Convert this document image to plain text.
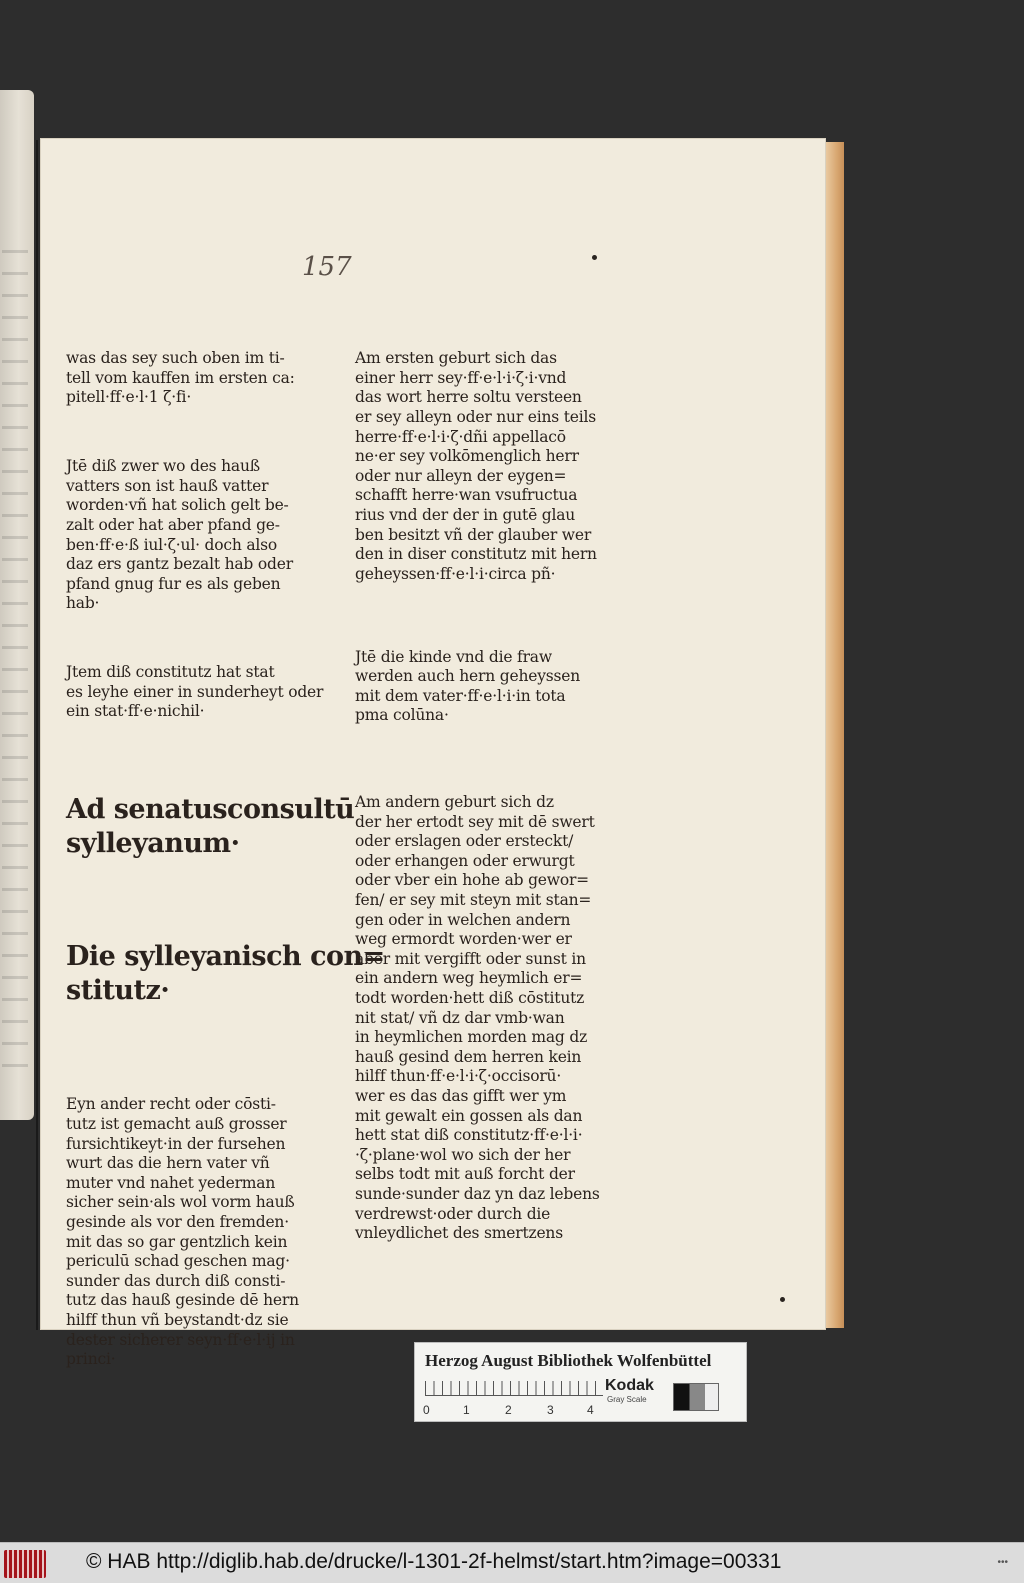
157

was das sey such oben im ti-
tell vom kauffen im ersten ca:
pitell·ff·e·l·1 ζ·fi·

Jtē diß zwer wo des hauß
vatters son ist hauß vatter
worden·vñ hat solich gelt be-
zalt oder hat aber pfand ge-
ben·ff·e·ß iul·ζ·ul· doch also
daz ers gantz bezalt hab oder
pfand gnug fur es als geben
hab·

Jtem diß constitutz hat stat
es leyhe einer in sunderheyt oder
ein stat·ff·e·nichil·

Ad senatusconsultū
sylleyanum·

Die sylleyanisch
stitutz·

Eyn ander recht oder cōsti-
tutz ist gemacht auß grosser
fursichtikeyt·in der fursehen
wurt das die hern vater vñ
muter vnd nahet yederman
sicher sein·als wol vorm hauß
gesinde als vor den fremden·
mit das so gar gentzlich kein
periculū schad geschen mag·
sunder das durch diß consti-
tutz das hauß gesinde dē hern
hilff thun vñ beystandt·dz sie
dester sicherer seyn·ff·e·l·ij in
princi·

Am ersten geburt sich das
einer herr sey·ff·e·l·i·ζ·i·vnd
das wort herre soltu versteen
er sey alleyn oder nur eins teils
herre·ff·e·l·i·ζ·dñi appellacō
ne·er sey volkōmenglich herr
oder nur alleyn der eygen=
schafft herre·wan vsufructua
rius vnd der der in gutē glau
ben besitzt vñ der glauber wer
den in diser constitutz mit hern
geheyssen·ff·e·l·i·circa pñ·

Jtē die kinde vnd die fraw
werden auch hern geheyssen
mit dem vater·ff·e·l·i·in tota
pma colūna·

Am andern geburt sich dz
der her ertodt sey mit dē swert
oder erslagen oder ersteckt/
oder erhangen oder erwurgt
oder vber ein hohe ab gewor=
fen/ er sey mit steyn mit stan=
gen oder in welchen andern
weg ermordt worden·wer er
aber mit vergifft oder sunst in
ein andern weg heymlich er=
todt worden·hett diß cōstitutz
nit stat/ vñ dz dar vmb·wan
in heymlichen morden mag dz
hauß gesind dem herren kein
hilff thun·ff·e·l·i·ζ·occisorū·
wer es das das gifft wer ym
mit gewalt ein gossen als dan
hett stat diß constitutz·ff·e·l·i·
·ζ·plane·wol wo sich der her
selbs todt mit auß forcht der
sunde·sunder daz yn daz lebens
verdrewst·oder durch die
vnleydlichet des smertzens

Herzog August Bibliothek Wolfenbüttel
0	1	2	3	4
Kodak
Gray Scale
© HAB http://diglib.hab.de/drucke/l-1301-2f-helmst/start.htm?image=00331	•••
